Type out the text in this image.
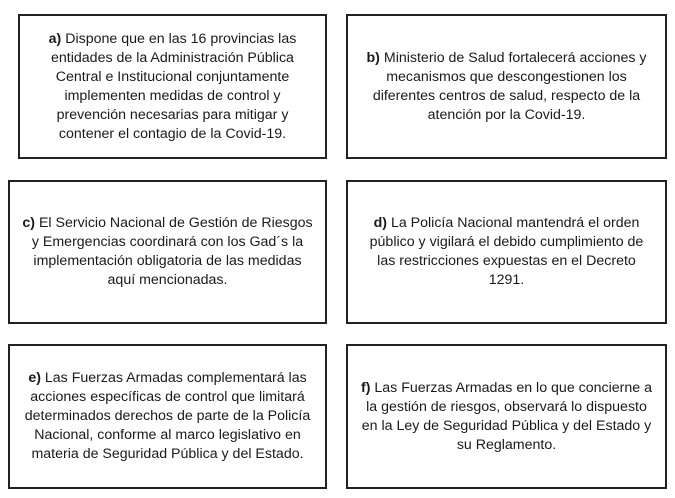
a) Dispone que en las 16 provincias las entidades de la Administración Pública Central e Institucional conjuntamente implementen medidas de control y prevención necesarias para mitigar y contener el contagio de la Covid-19.

b) Ministerio de Salud fortalecerá acciones y mecanismos que descongestionen los diferentes centros de salud, respecto de la atención por la Covid-19.

c) El Servicio Nacional de Gestión de Riesgos y Emergencias coordinará con los Gad´s la implementación obligatoria de las medidas aquí mencionadas.

d) La Policía Nacional mantendrá el orden público y vigilará el debido cumplimiento de las restricciones expuestas en el Decreto 1291.

e) Las Fuerzas Armadas complementará las acciones específicas de control que limitará determinados derechos de parte de la Policía Nacional, conforme al marco legislativo en materia de Seguridad Pública y del Estado.

f) Las Fuerzas Armadas en lo que concierne a la gestión de riesgos, observará lo dispuesto en la Ley de Seguridad Pública y del Estado y su Reglamento.
